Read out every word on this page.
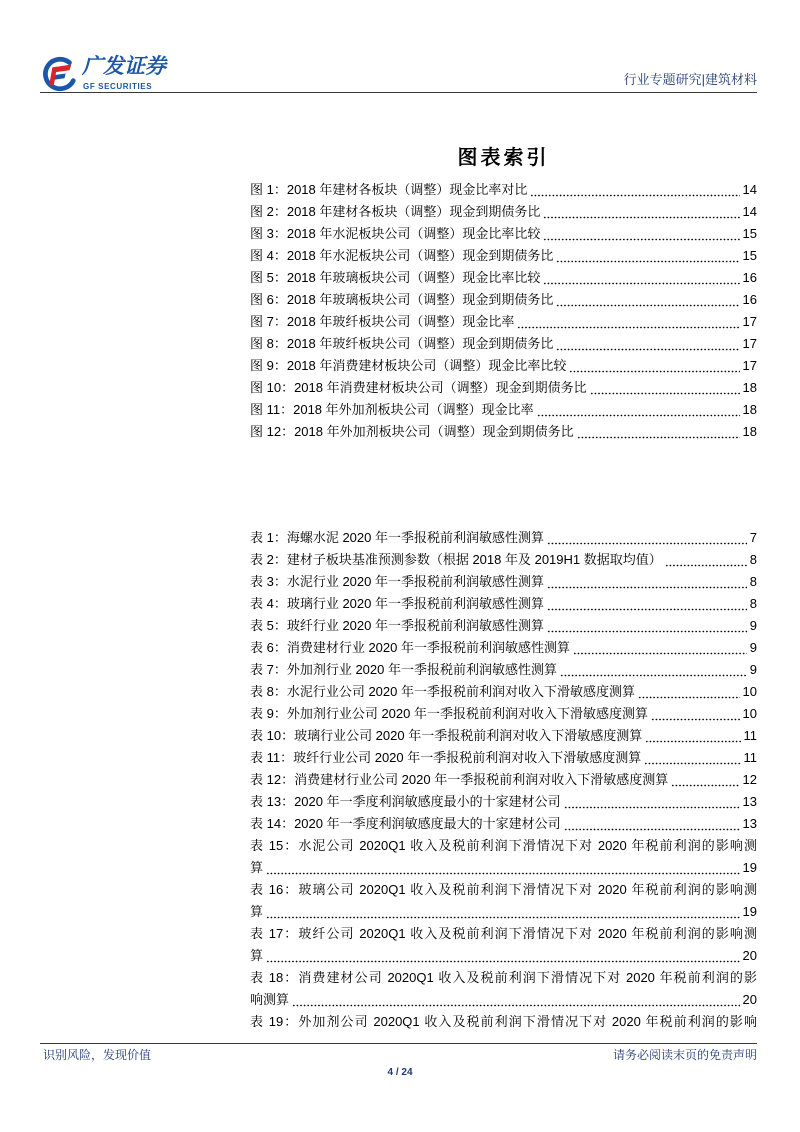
广发证券
GF SECURITIES	行业专题研究|建筑材料
图表索引
图 1：2018 年建材各板块（调整）现金比率对比	14
图 2：2018 年建材各板块（调整）现金到期债务比	14
图 3：2018 年水泥板块公司（调整）现金比率比较	15
图 4：2018 年水泥板块公司（调整）现金到期债务比	15
图 5：2018 年玻璃板块公司（调整）现金比率比较	16
图 6：2018 年玻璃板块公司（调整）现金到期债务比	16
图 7：2018 年玻纤板块公司（调整）现金比率	17
图 8：2018 年玻纤板块公司（调整）现金到期债务比	17
图 9：2018 年消费建材板块公司（调整）现金比率比较	17
图 10：2018 年消费建材板块公司（调整）现金到期债务比	18
图 11：2018 年外加剂板块公司（调整）现金比率	18
图 12：2018 年外加剂板块公司（调整）现金到期债务比	18
表 1：海螺水泥 2020 年一季报税前利润敏感性测算	7
表 2：建材子板块基准预测参数（根据 2018 年及 2019H1 数据取均值）	8
表 3：水泥行业 2020 年一季报税前利润敏感性测算	8
表 4：玻璃行业 2020 年一季报税前利润敏感性测算	8
表 5：玻纤行业 2020 年一季报税前利润敏感性测算	9
表 6：消费建材行业 2020 年一季报税前利润敏感性测算	9
表 7：外加剂行业 2020 年一季报税前利润敏感性测算	9
表 8：水泥行业公司 2020 年一季报税前利润对收入下滑敏感度测算	10
表 9：外加剂行业公司 2020 年一季报税前利润对收入下滑敏感度测算	10
表 10：玻璃行业公司 2020 年一季报税前利润对收入下滑敏感度测算	11
表 11：玻纤行业公司 2020 年一季报税前利润对收入下滑敏感度测算	11
表 12：消费建材行业公司 2020 年一季报税前利润对收入下滑敏感度测算	12
表 13：2020 年一季度利润敏感度最小的十家建材公司	13
表 14：2020 年一季度利润敏感度最大的十家建材公司	13
表 15：水泥公司 2020Q1 收入及税前利润下滑情况下对 2020 年税前利润的影响测
算	19
表 16：玻璃公司 2020Q1 收入及税前利润下滑情况下对 2020 年税前利润的影响测
算	19
表 17：玻纤公司 2020Q1 收入及税前利润下滑情况下对 2020 年税前利润的影响测
算	20
表 18：消费建材公司 2020Q1 收入及税前利润下滑情况下对 2020 年税前利润的影
响测算	20
表 19：外加剂公司 2020Q1 收入及税前利润下滑情况下对 2020 年税前利润的影响
识别风险，发现价值	请务必阅读末页的免责声明
4 / 24
